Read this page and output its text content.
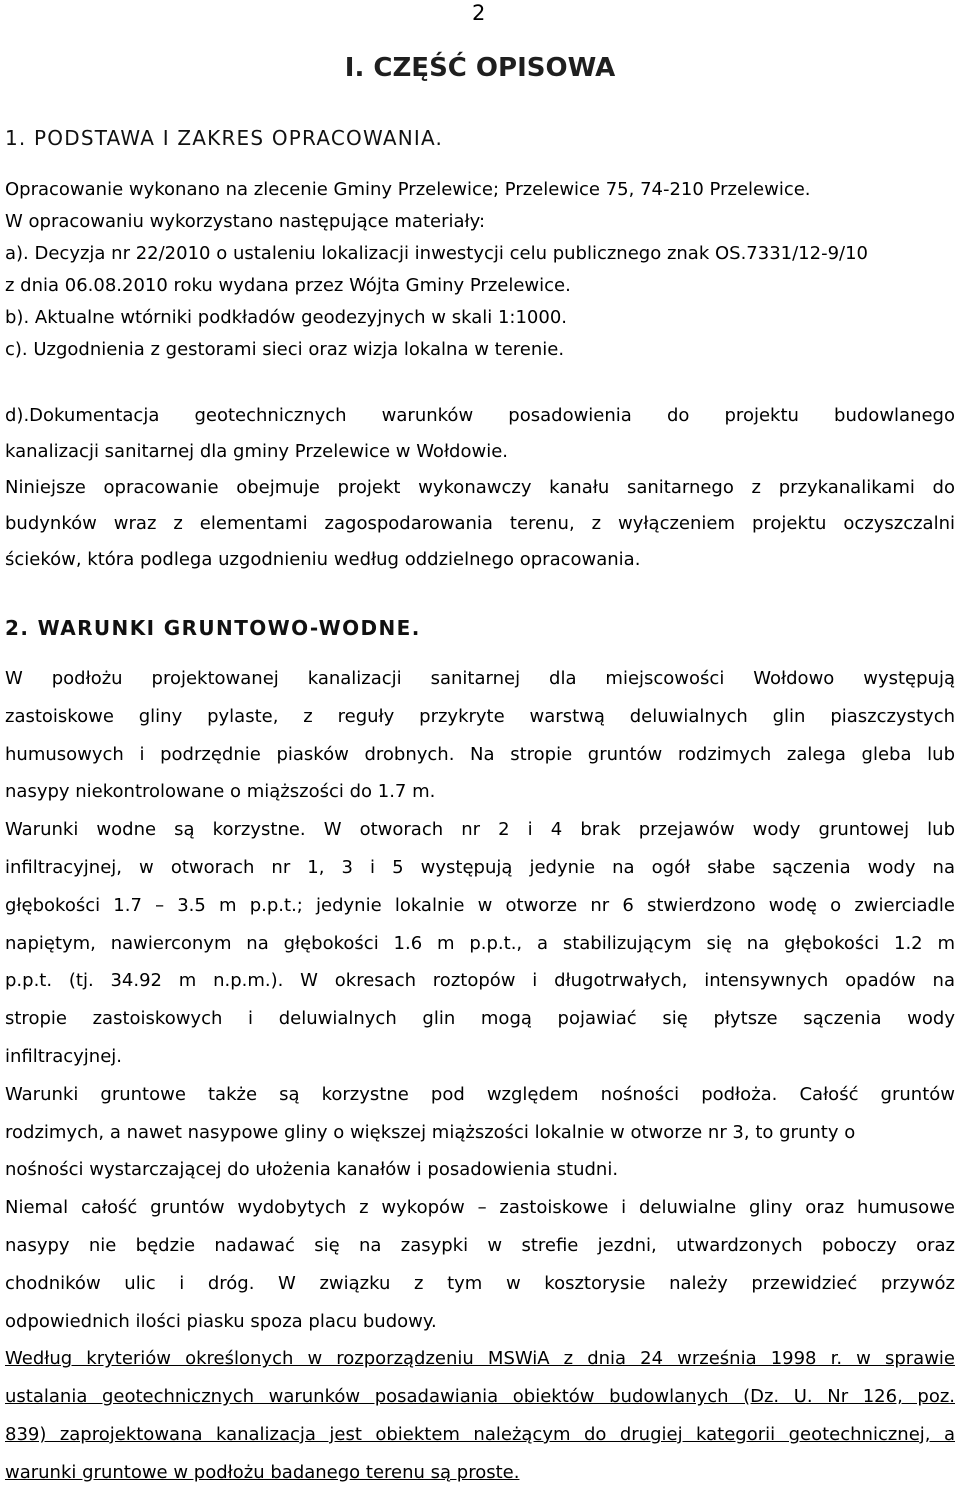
2
I. CZĘŚĆ OPISOWA
1. PODSTAWA I ZAKRES OPRACOWANIA.
Opracowanie wykonano na zlecenie Gminy Przelewice; Przelewice 75, 74-210 Przelewice.
W opracowaniu wykorzystano następujące materiały:
a). Decyzja nr 22/2010 o ustaleniu lokalizacji inwestycji celu publicznego znak OS.7331/12-9/10
z dnia 06.08.2010 roku wydana przez Wójta Gminy Przelewice.
b). Aktualne wtórniki podkładów geodezyjnych w skali 1:1000.
c). Uzgodnienia z gestorami sieci oraz wizja lokalna w terenie.
d).Dokumentacja geotechnicznych warunków posadowienia do projektu budowlanego
kanalizacji sanitarnej dla gminy Przelewice w Wołdowie.
Niniejsze opracowanie obejmuje projekt wykonawczy kanału sanitarnego z przykanalikami do
budynków wraz z elementami zagospodarowania terenu, z wyłączeniem projektu oczyszczalni
ścieków, która podlega uzgodnieniu według oddzielnego opracowania.
2. WARUNKI GRUNTOWO-WODNE.
W podłożu projektowanej kanalizacji sanitarnej dla miejscowości Wołdowo występują
zastoiskowe gliny pylaste, z reguły przykryte warstwą deluwialnych glin piaszczystych
humusowych i podrzędnie piasków drobnych. Na stropie gruntów rodzimych zalega gleba lub
nasypy niekontrolowane o miąższości do 1.7 m.
Warunki wodne są korzystne. W otworach nr 2 i 4 brak przejawów wody gruntowej lub
infiltracyjnej, w otworach nr 1, 3 i 5 występują jedynie na ogół słabe sączenia wody na
głębokości 1.7 – 3.5 m p.p.t.; jedynie lokalnie w otworze nr 6 stwierdzono wodę o zwierciadle
napiętym, nawierconym na głębokości 1.6 m p.p.t., a stabilizującym się na głębokości 1.2 m
p.p.t. (tj. 34.92 m n.p.m.). W okresach roztopów i długotrwałych, intensywnych opadów na
stropie zastoiskowych i deluwialnych glin mogą pojawiać się płytsze sączenia wody
infiltracyjnej.
Warunki gruntowe także są korzystne pod względem nośności podłoża. Całość gruntów
rodzimych, a nawet nasypowe gliny o większej miąższości lokalnie w otworze nr 3, to grunty o
nośności wystarczającej do ułożenia kanałów i posadowienia studni.
Niemal całość gruntów wydobytych z wykopów – zastoiskowe i deluwialne gliny oraz humusowe
nasypy nie będzie nadawać się na zasypki w strefie jezdni, utwardzonych poboczy oraz
chodników ulic i dróg. W związku z tym w kosztorysie należy przewidzieć przywóz
odpowiednich ilości piasku spoza placu budowy.
Według kryteriów określonych w rozporządzeniu MSWiA z dnia 24 września 1998 r. w sprawie
ustalania geotechnicznych warunków posadawiania obiektów budowlanych (Dz. U. Nr 126, poz.
839) zaprojektowana kanalizacja jest obiektem należącym do drugiej kategorii geotechnicznej, a
warunki gruntowe w podłożu badanego terenu są proste.
